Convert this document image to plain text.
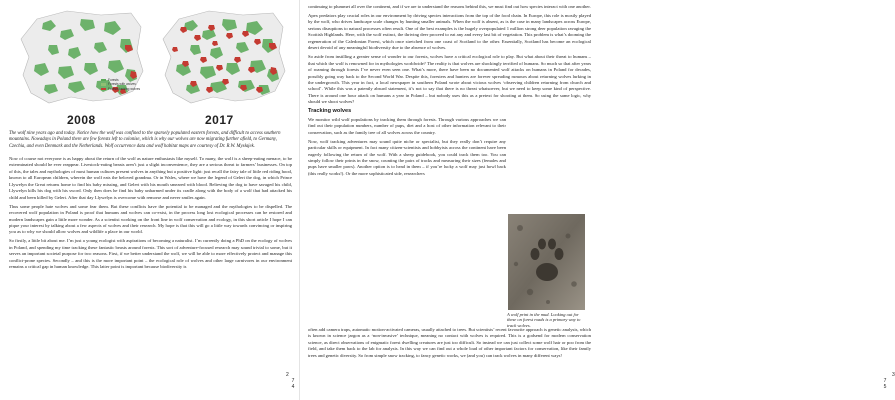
Forests
Forests with wolves
Forests lacking wolves
2008	2017
The wolf nine years ago and today. Notice how the wolf was confined to the sparsely populated eastern forests, and difficult to access southern mountains. Nowadays in Poland there are few forests left to colonise, which is why our wolves are now migrating further afield, to Germany, Czechia, and even Denmark and the Netherlands. Wolf occurrence data and wolf habitat maps are courtesy of Dr. R.W. Mysłajek.

Now of course not everyone is as happy about the return of the wolf as nature enthusiasts like myself. To many, the wolf is a sheep-eating menace, to be exterminated should he ever reappear. Livestock-eating beasts aren’t just a slight inconvenience, they are a serious threat to farmers’ businesses. On top of this, the tales and mythologies of most human cultures present wolves in anything but a positive light: just recall the fairy tale of little red riding hood, known to all European children, wherein the wolf eats the beloved grandma. Or in Wales, where we have the legend of Gelert the dog, in which Prince Llywelyn the Great returns home to find his baby missing, and Gelert with his mouth smeared with blood. Believing the dog to have savaged his child, Llywelyn kills his dog with his sword. Only then does he find his baby unharmed under its cradle along with the body of a wolf that had attacked his child and been killed by Gelert. After that day Llywelyn is overcome with remorse and never smiles again.

Thus some people hate wolves and some fear them. But these conflicts have the potential to be managed and the mythologies to be dispelled. The recovered wolf population in Poland is proof that humans and wolves can co-exist, in the process long lost ecological processes can be restored and modern landscapes gain a little more wonder. As a scientist working on the front line in wolf conservation and ecology, in this short article I hope I can pique your interest by talking about a few aspects of wolves and their research. My hope is that this will go a little way towards convincing or inspiring you as to why we should allow wolves and wildlife a place in our world.

So firstly, a little bit about me. I’m just a young ecologist with aspirations of becoming a naturalist. I’m currently doing a PhD on the ecology of wolves in Poland, and spending my time tracking these fantastic beasts around forests. This sort of adventure-focused research may sound trivial to some, but it serves an important societal purpose for two reasons. First, if we better understand the wolf, we will be able to more effectively protect and manage this conflict-prone species. Secondly – and this is the more important point – the ecological role of wolves and other large carnivores in our environment remains a critical gap in human knowledge. This latter point is important because biodiversity is

2
7
4

continuing to plummet all over the continent, and if we are to understand the reasons behind this, we must find out how species interact with one another.

Apex predators play crucial roles in our environment by driving species interactions from the top of the food chain. In Europe, this role is mostly played by the wolf, who drives landscape scale changes by hunting smaller animals. When the wolf is absent, as is the case in many landscapes across Europe, serious disruptions to natural processes often result. One of the best examples is the hugely overpopulated 1 million strong deer population ravaging the Scottish Highlands. Here, with the wolf extinct, the thriving deer proceed to eat any and every last bit of vegetation. This problem is what’s dooming the regeneration of the Caledonian Forest, which once stretched from one coast of Scotland to the other. Essentially, Scotland has become an ecological desert devoid of any meaningful biodiversity due to the absence of wolves.

So aside from instilling a greater sense of wonder to our forests, wolves have a critical ecological role to play. But what about their threat to humans – that which the wolf is renowned for in mythologies worldwide? The reality is that wolves are shockingly terrified of humans. So much so that after years of roaming through forests I’ve never even seen one. What’s more, there have been no documented wolf attacks on humans in Poland for decades, possibly going way back to the Second World War. Despite this, foresters and hunters are forever spreading rumours about returning wolves lurking in the undergrowth. This year in fact, a local newspaper in southern Poland wrote about vicious wolves ‘observing children returning from church and school’. While this was a patently absurd statement, it’s not to say that there is no threat whatsoever, but we need to keep some kind of perspective. There is around one hour attack on humans a year in Poland – but nobody uses this as a pretext for shooting at them. So using the same logic, why should we shoot wolves?

Tracking wolves

We monitor wild wolf populations by tracking them through forests. Through various approaches we can find out their population numbers, number of pups, diet and a host of other information relevant to their conservation, such as the family tree of all wolves across the country.

Now, wolf tracking adventures may sound quite niche or specialist, but they really don’t require any particular skills or equipment. In fact many citizen-scientists and hobbyists across the continent have been eagerly following the return of the wolf. With a sheep guidebook, you could track them too. You can simply follow their prints in the snow, counting the pairs of tracks and measuring their sizes (females and pups have smaller paws). Another option is to head in them – if you’re lucky a wolf may just howl back (this really works!). Or the more sophisticated side, researchers

A wolf print in the mud. Looking out for these on forest roads is a primary way to track wolves.
often add camera traps, automatic motion-activated cameras, usually attached to trees. But scientists’ recent favourite approach is genetic analysis, which is known in science jargon as a ‘non-invasive’ technique, meaning no contact with wolves is required. This is a godsend for modern conservation science, as direct observations of enigmatic forest dwelling creatures are just too difficult. So instead we can just collect some wolf hair or poo from the field, and take them back to the lab for analysis. In this way we can find out a whole load of other important factors for conservation, like their family trees and genetic diversity. So from simple snow tracking, to fancy genetic works, we (and you) can track wolves in many different ways!
3
7
5
